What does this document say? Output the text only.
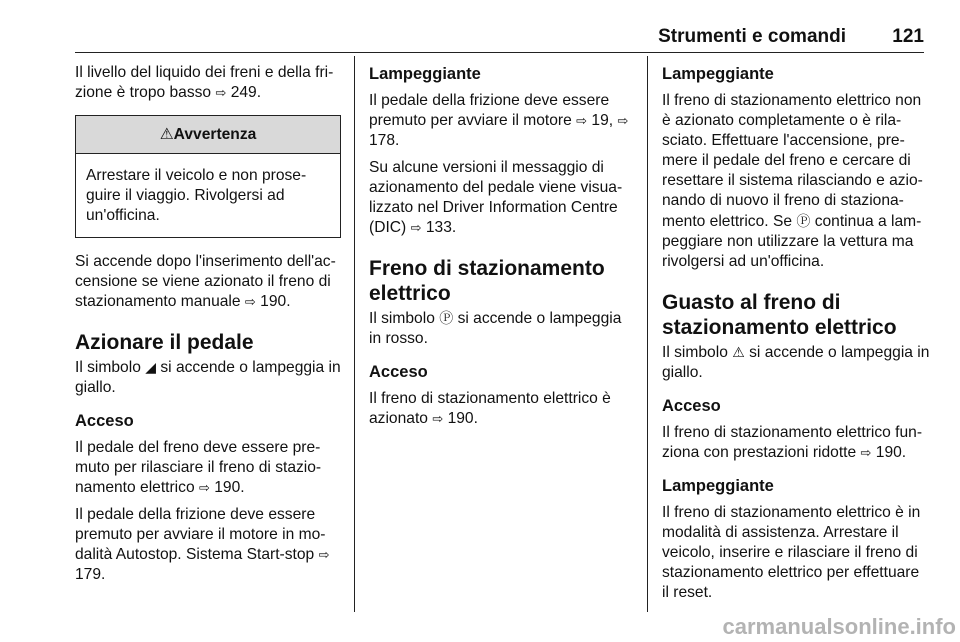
Strumenti e comandi 121

Il livello del liquido dei freni e della fri-zione è tropo basso ⇨ 249.

⚠Avvertenza
Arrestare il veicolo e non prose-guire il viaggio. Rivolgersi ad un'officina.

Si accende dopo l'inserimento dell'ac-censione se viene azionato il freno di stazionamento manuale ⇨ 190.

Azionare il pedale

Il simbolo ◢ si accende o lampeggia in giallo.

Acceso

Il pedale del freno deve essere pre-muto per rilasciare il freno di stazio-namento elettrico ⇨ 190.

Il pedale della frizione deve essere premuto per avviare il motore in mo-dalità Autostop. Sistema Start-stop ⇨ 179.

Lampeggiante

Il pedale della frizione deve essere premuto per avviare il motore ⇨ 19, ⇨ 178.

Su alcune versioni il messaggio di azionamento del pedale viene visua-lizzato nel Driver Information Centre (DIC) ⇨ 133.

Freno di stazionamento elettrico

Il simbolo Ⓟ si accende o lampeggia in rosso.

Acceso

Il freno di stazionamento elettrico è azionato ⇨ 190.

Lampeggiante

Il freno di stazionamento elettrico non è azionato completamente o è rila-sciato. Effettuare l'accensione, pre-mere il pedale del freno e cercare di resettare il sistema rilasciando e azio-nando di nuovo il freno di staziona-mento elettrico. Se Ⓟ continua a lam-peggiare non utilizzare la vettura ma rivolgersi ad un'officina.

Guasto al freno di stazionamento elettrico

Il simbolo ⚠ si accende o lampeggia in giallo.

Acceso

Il freno di stazionamento elettrico fun-ziona con prestazioni ridotte ⇨ 190.

Lampeggiante

Il freno di stazionamento elettrico è in modalità di assistenza. Arrestare il veicolo, inserire e rilasciare il freno di stazionamento elettrico per effettuare il reset.

carmanualsonline.info
